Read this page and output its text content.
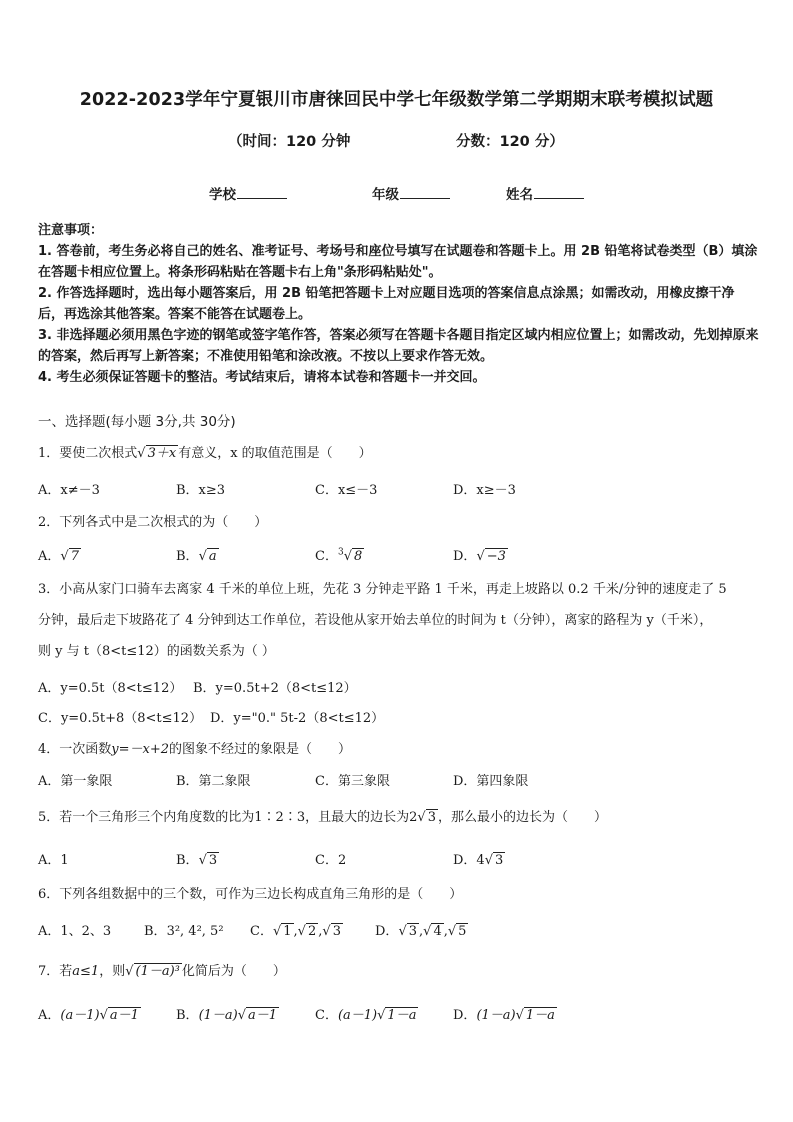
2022-2023学年宁夏银川市唐徕回民中学七年级数学第二学期期末联考模拟试题
（时间：120 分钟	分数：120 分）
学校	年级	姓名
注意事项：
1. 答卷前，考生务必将自己的姓名、准考证号、考场号和座位号填写在试题卷和答题卡上。用 2B 铅笔将试卷类型（B）填涂在答题卡相应位置上。将条形码粘贴在答题卡右上角"条形码粘贴处"。
2. 作答选择题时，选出每小题答案后，用 2B 铅笔把答题卡上对应题目选项的答案信息点涂黑；如需改动，用橡皮擦干净后，再选涂其他答案。答案不能答在试题卷上。
3. 非选择题必须用黑色字迹的钢笔或签字笔作答，答案必须写在答题卡各题目指定区域内相应位置上；如需改动，先划掉原来的答案，然后再写上新答案；不准使用铅笔和涂改液。不按以上要求作答无效。
4. 考生必须保证答题卡的整洁。考试结束后，请将本试卷和答题卡一并交回。
一、选择题(每小题 3分,共 30分)
1．要使二次根式√ 3＋x 有意义，x 的取值范围是（　　）
A．x≠－3	B．x≥3	C．x≤－3	D．x≥－3
2．下列各式中是二次根式的为（　　）
A．√ 7	B．√ a	C．$^3$√ 8	D．√ −3
3．小高从家门口骑车去离家 4 千米的单位上班，先花 3 分钟走平路 1 千米，再走上坡路以 0.2 千米/分钟的速度走了 5
分钟，最后走下坡路花了 4 分钟到达工作单位，若设他从家开始去单位的时间为 t（分钟），离家的路程为 y（千米），
则 y 与 t（8<t≤12）的函数关系为（ ）
A．y=0.5t（8<t≤12） B．y=0.5t+2（8<t≤12）
C．y=0.5t+8（8<t≤12） D．y="0." 5t-2（8<t≤12）
4．一次函数y=－x+2的图象不经过的象限是（　　）
A．第一象限	B．第二象限	C．第三象限	D．第四象限
5．若一个三角形三个内角度数的比为1∶2∶3，且最大的边长为2√ 3 ，那么最小的边长为（　　）
A．1	B．√ 3	C．2	D．4√ 3
6．下列各组数据中的三个数，可作为三边长构成直角三角形的是（　　）
A．1、2、3	B．3², 4², 5² C．√ 1 ,√ 2 ,√ 3	D．√ 3 ,√ 4 ,√ 5
7．若a≤1，则√ (1－a)³ 化简后为（　　）
A．(a－1)√ a－1	B．(1－a)√ a－1	C．(a－1)√ 1－a	D．(1－a)√ 1－a
